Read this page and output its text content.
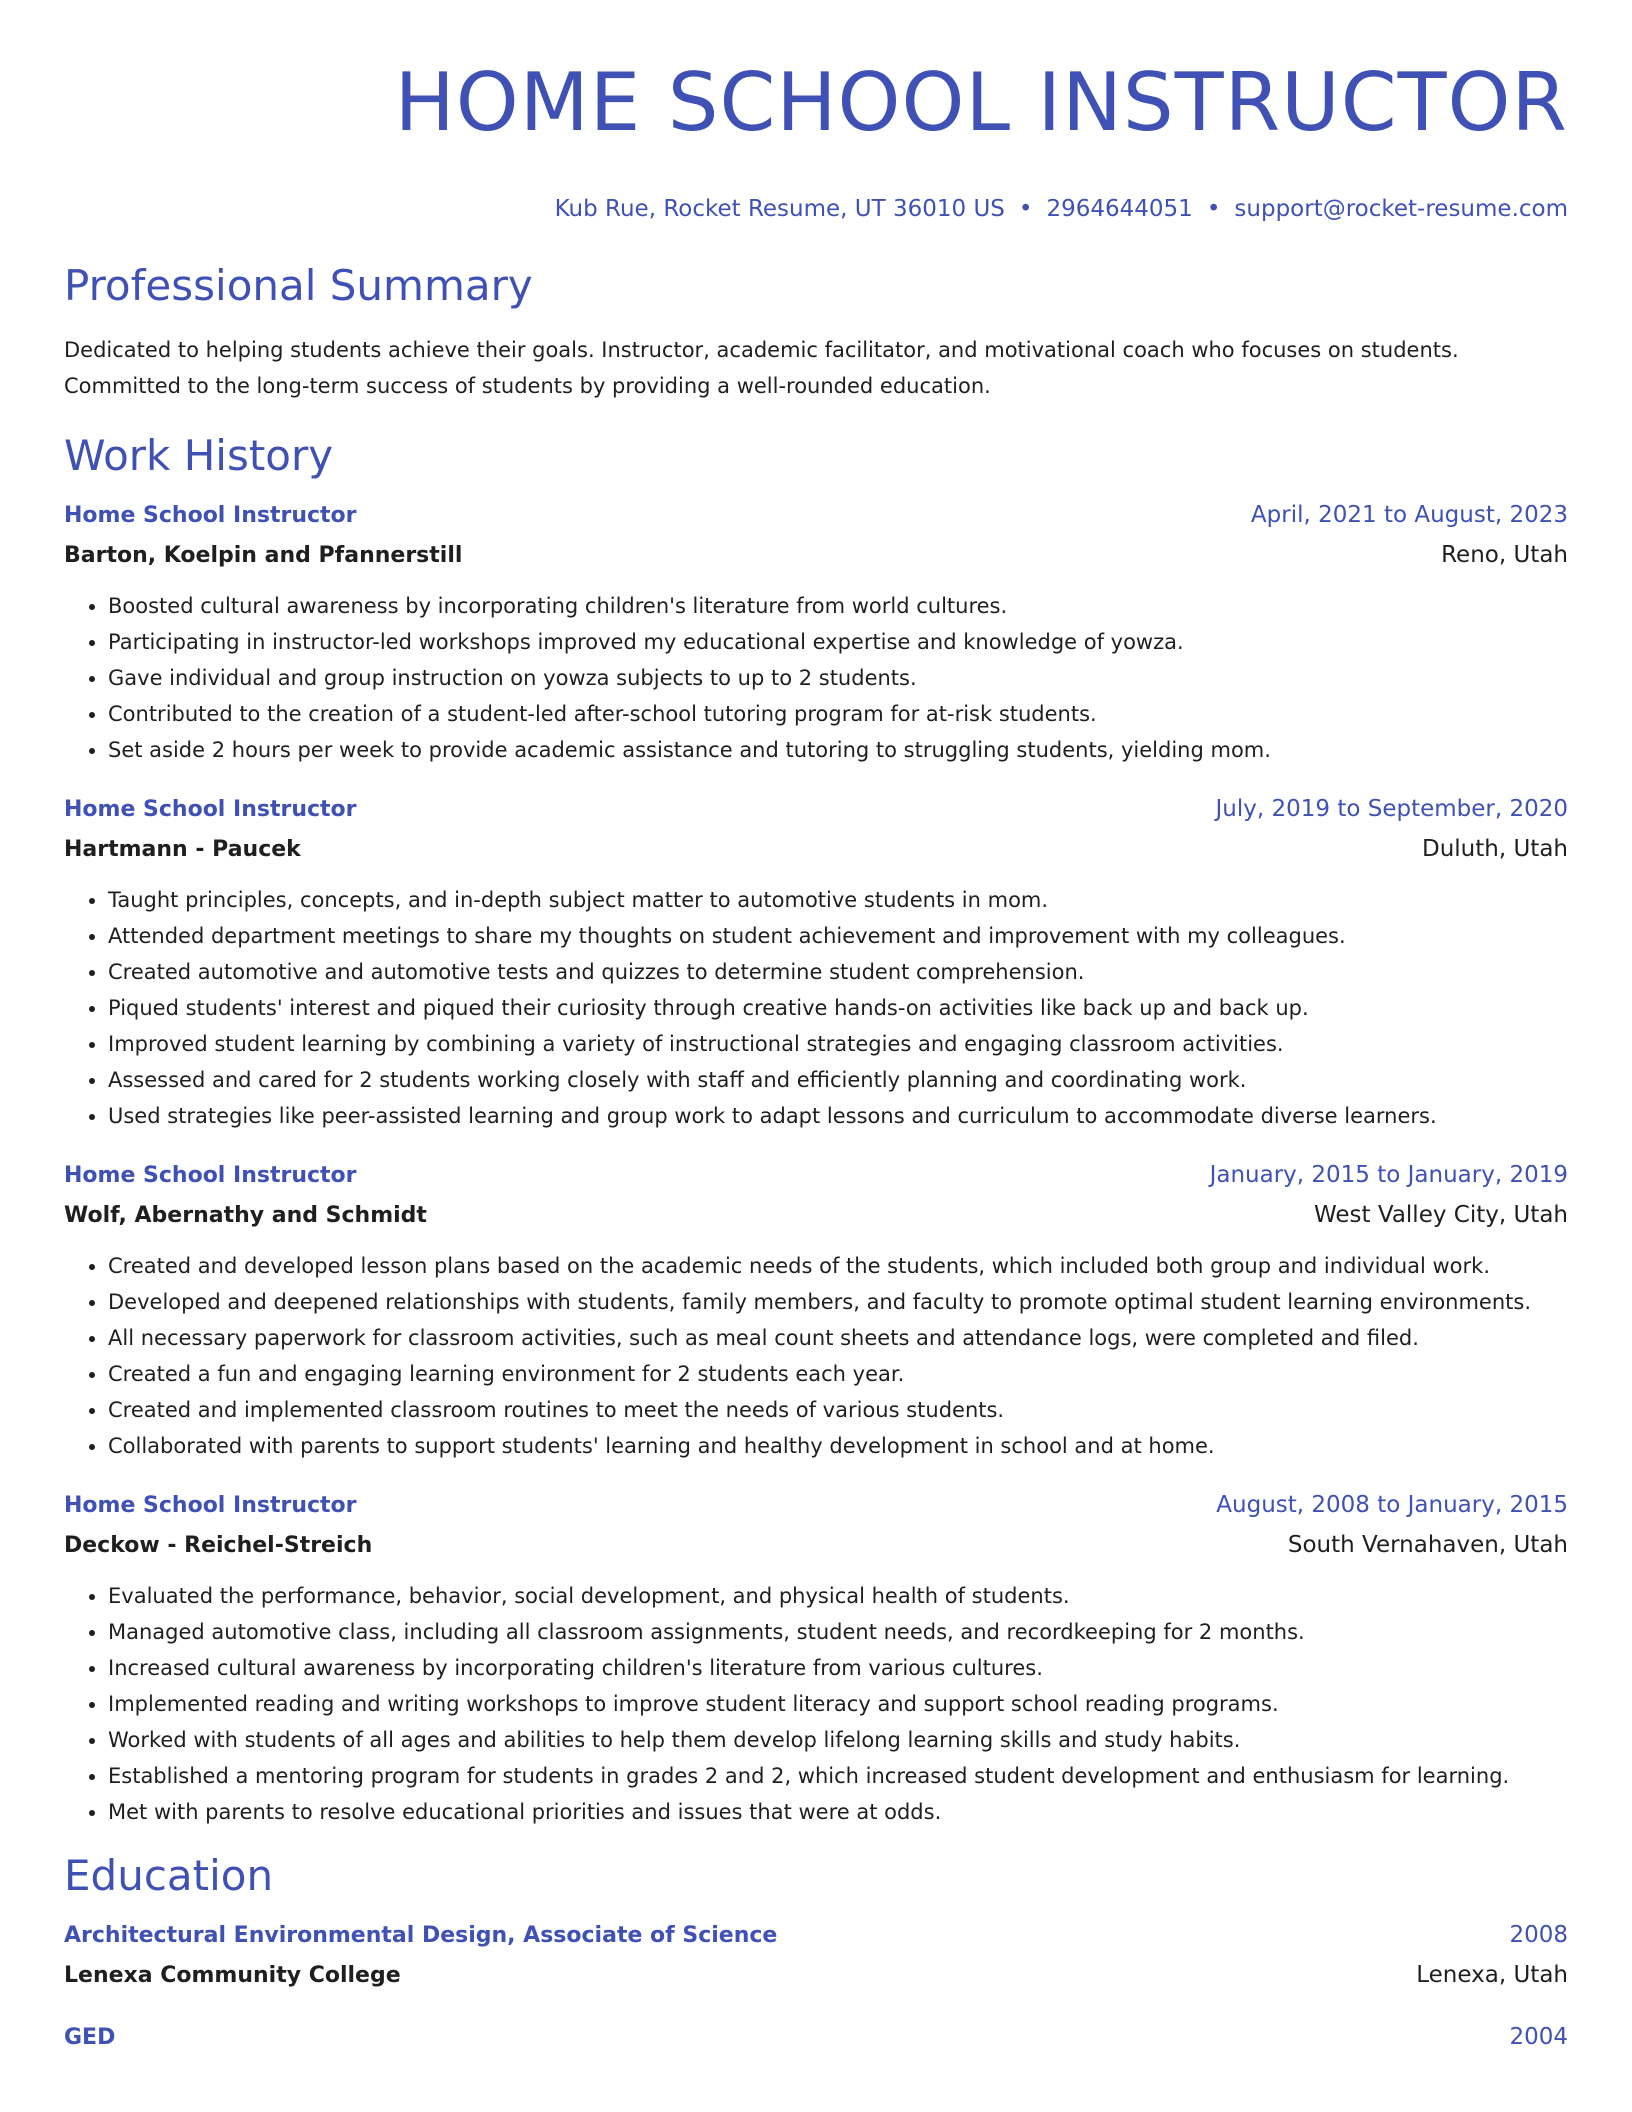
HOME SCHOOL INSTRUCTOR
Kub Rue, Rocket Resume, UT 36010 US • 2964644051 • support@rocket-resume.com
Professional Summary
Dedicated to helping students achieve their goals. Instructor, academic facilitator, and motivational coach who focuses on students. Committed to the long-term success of students by providing a well-rounded education.
Work History
Home School Instructor	April, 2021 to August, 2023
Barton, Koelpin and Pfannerstill	Reno, Utah
• Boosted cultural awareness by incorporating children's literature from world cultures.
• Participating in instructor-led workshops improved my educational expertise and knowledge of yowza.
• Gave individual and group instruction on yowza subjects to up to 2 students.
• Contributed to the creation of a student-led after-school tutoring program for at-risk students.
• Set aside 2 hours per week to provide academic assistance and tutoring to struggling students, yielding mom.
Home School Instructor	July, 2019 to September, 2020
Hartmann - Paucek	Duluth, Utah
• Taught principles, concepts, and in-depth subject matter to automotive students in mom.
• Attended department meetings to share my thoughts on student achievement and improvement with my colleagues.
• Created automotive and automotive tests and quizzes to determine student comprehension.
• Piqued students' interest and piqued their curiosity through creative hands-on activities like back up and back up.
• Improved student learning by combining a variety of instructional strategies and engaging classroom activities.
• Assessed and cared for 2 students working closely with staff and efficiently planning and coordinating work.
• Used strategies like peer-assisted learning and group work to adapt lessons and curriculum to accommodate diverse learners.
Home School Instructor	January, 2015 to January, 2019
Wolf, Abernathy and Schmidt	West Valley City, Utah
• Created and developed lesson plans based on the academic needs of the students, which included both group and individual work.
• Developed and deepened relationships with students, family members, and faculty to promote optimal student learning environments.
• All necessary paperwork for classroom activities, such as meal count sheets and attendance logs, were completed and filed.
• Created a fun and engaging learning environment for 2 students each year.
• Created and implemented classroom routines to meet the needs of various students.
• Collaborated with parents to support students' learning and healthy development in school and at home.
Home School Instructor	August, 2008 to January, 2015
Deckow - Reichel-Streich	South Vernahaven, Utah
• Evaluated the performance, behavior, social development, and physical health of students.
• Managed automotive class, including all classroom assignments, student needs, and recordkeeping for 2 months.
• Increased cultural awareness by incorporating children's literature from various cultures.
• Implemented reading and writing workshops to improve student literacy and support school reading programs.
• Worked with students of all ages and abilities to help them develop lifelong learning skills and study habits.
• Established a mentoring program for students in grades 2 and 2, which increased student development and enthusiasm for learning.
• Met with parents to resolve educational priorities and issues that were at odds.
Education
Architectural Environmental Design, Associate of Science	2008
Lenexa Community College	Lenexa, Utah
GED	2004
